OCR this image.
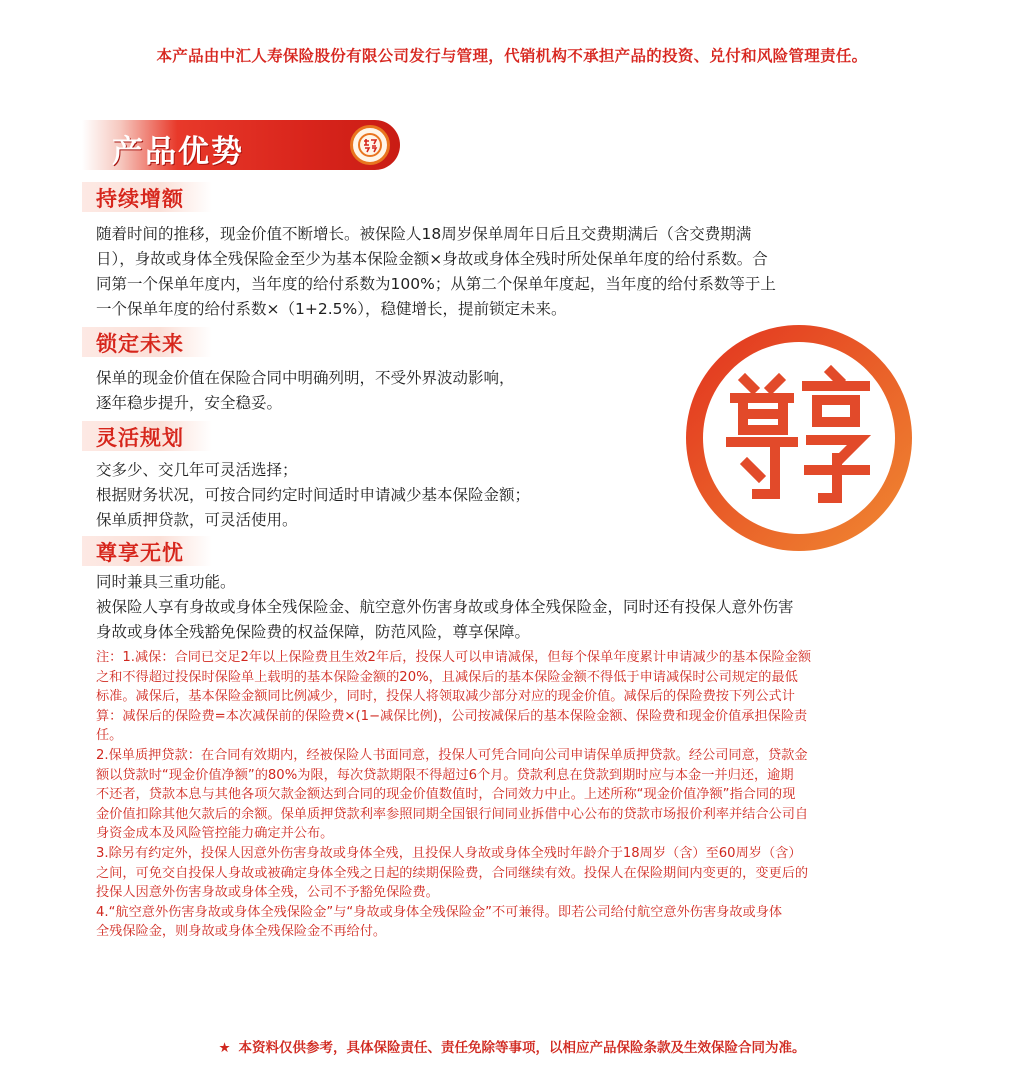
本产品由中汇人寿保险股份有限公司发行与管理，代销机构不承担产品的投资、兑付和风险管理责任。
产品优势
持续增额
随着时间的推移，现金价值不断增长。被保险人18周岁保单周年日后且交费期满后（含交费期满
日），身故或身体全残保险金至少为基本保险金额×身故或身体全残时所处保单年度的给付系数。合
同第一个保单年度内，当年度的给付系数为100%；从第二个保单年度起，当年度的给付系数等于上
一个保单年度的给付系数×（1+2.5%），稳健增长，提前锁定未来。
锁定未来
保单的现金价值在保险合同中明确列明，不受外界波动影响，
逐年稳步提升，安全稳妥。
灵活规划
交多少、交几年可灵活选择；
根据财务状况，可按合同约定时间适时申请减少基本保险金额；
保单质押贷款，可灵活使用。
尊享无忧
同时兼具三重功能。
被保险人享有身故或身体全残保险金、航空意外伤害身故或身体全残保险金，同时还有投保人意外伤害
身故或身体全残豁免保险费的权益保障，防范风险，尊享保障。

注：1.减保：合同已交足2年以上保险费且生效2年后，投保人可以申请减保，但每个保单年度累计申请减少的基本保险金额

之和不得超过投保时保险单上载明的基本保险金额的20%，且减保后的基本保险金额不得低于申请减保时公司规定的最低

标准。减保后，基本保险金额同比例减少，同时，投保人将领取减少部分对应的现金价值。减保后的保险费按下列公式计

算：减保后的保险费=本次减保前的保险费×(1−减保比例)，公司按减保后的基本保险金额、保险费和现金价值承担保险责

任。

2.保单质押贷款：在合同有效期内，经被保险人书面同意，投保人可凭合同向公司申请保单质押贷款。经公司同意，贷款金

额以贷款时“现金价值净额”的80%为限，每次贷款期限不得超过6个月。贷款利息在贷款到期时应与本金一并归还，逾期

不还者，贷款本息与其他各项欠款金额达到合同的现金价值数值时，合同效力中止。上述所称“现金价值净额”指合同的现

金价值扣除其他欠款后的余额。保单质押贷款利率参照同期全国银行间同业拆借中心公布的贷款市场报价利率并结合公司自

身资金成本及风险管控能力确定并公布。

3.除另有约定外，投保人因意外伤害身故或身体全残，且投保人身故或身体全残时年龄介于18周岁（含）至60周岁（含）

之间，可免交自投保人身故或被确定身体全残之日起的续期保险费，合同继续有效。投保人在保险期间内变更的，变更后的

投保人因意外伤害身故或身体全残，公司不予豁免保险费。

4.“航空意外伤害身故或身体全残保险金”与“身故或身体全残保险金”不可兼得。即若公司给付航空意外伤害身故或身体

全残保险金，则身故或身体全残保险金不再给付。

★ 本资料仅供参考，具体保险责任、责任免除等事项，以相应产品保险条款及生效保险合同为准。
